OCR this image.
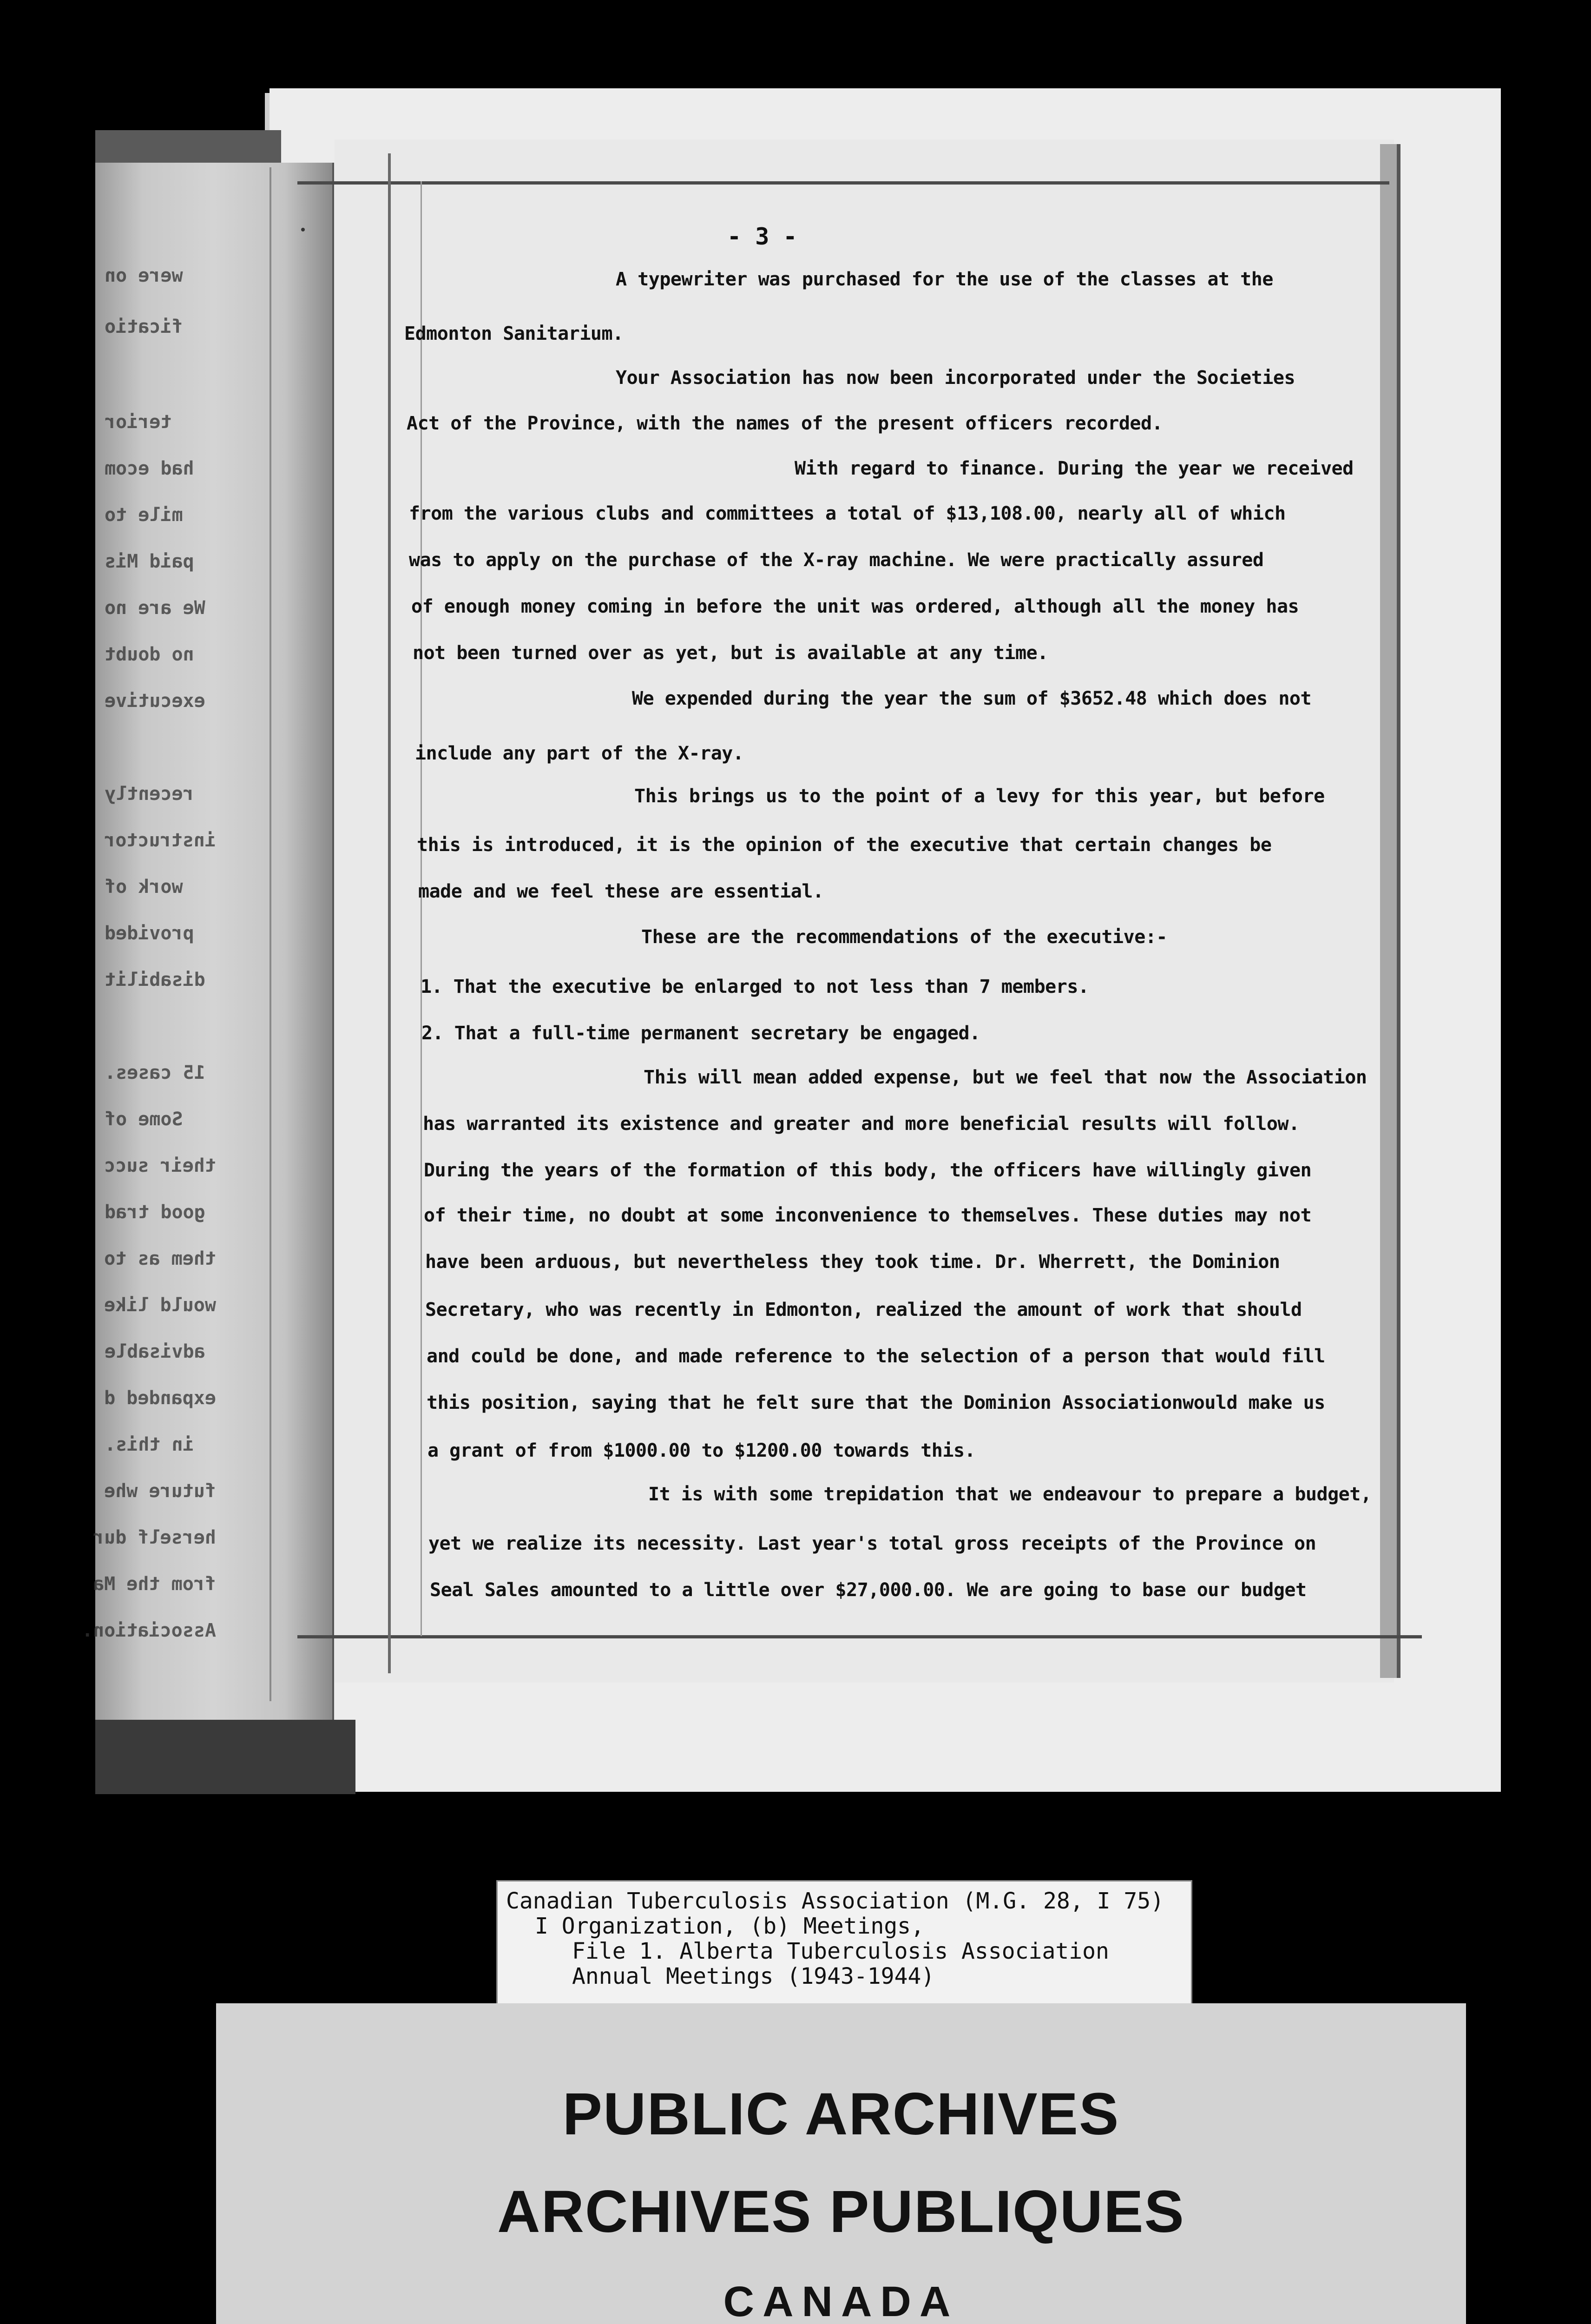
were on
ficatio
terior
had ecom
mile to
paid Mis
We are no
no doubt
executive
recently
instructor
work of
provided
disabilit
15 cases.
Some of
their succ
good trad
them as to
would like
advisable
expanded d
in this.
future whe
herself dur
from the Ma
Association.
- 3 -
A typewriter was purchased for the use of the classes at the
Edmonton Sanitarium.
Your Association has now been incorporated under the Societies
Act of the Province, with the names of the present officers recorded.
With regard to finance. During the year we received
from the various clubs and committees a total of $13,108.00, nearly all of which
was to apply on the purchase of the X-ray machine. We were practically assured
of enough money coming in before the unit was ordered, although all the money has
not been turned over as yet, but is available at any time.
We expended during the year the sum of $3652.48 which does not
include any part of the X-ray.
This brings us to the point of a levy for this year, but before
this is introduced, it is the opinion of the executive that certain changes be
made and we feel these are essential.
These are the recommendations of the executive:-
1. That the executive be enlarged to not less than 7 members.
2. That a full-time permanent secretary be engaged.
This will mean added expense, but we feel that now the Association
has warranted its existence and greater and more beneficial results will follow.
During the years of the formation of this body, the officers have willingly given
of their time, no doubt at some inconvenience to themselves. These duties may not
have been arduous, but nevertheless they took time. Dr. Wherrett, the Dominion
Secretary, who was recently in Edmonton, realized the amount of work that should
and could be done, and made reference to the selection of a person that would fill
this position, saying that he felt sure that the Dominion Associationwould make us
a grant of from $1000.00 to $1200.00 towards this.
It is with some trepidation that we endeavour to prepare a budget,
yet we realize its necessity. Last year's total gross receipts of the Province on
Seal Sales amounted to a little over $27,000.00. We are going to base our budget
Canadian Tuberculosis Association (M.G. 28, I 75)
I Organization, (b) Meetings,
File 1. Alberta Tuberculosis Association
Annual Meetings (1943-1944)
PUBLIC ARCHIVES
ARCHIVES PUBLIQUES
CANADA
